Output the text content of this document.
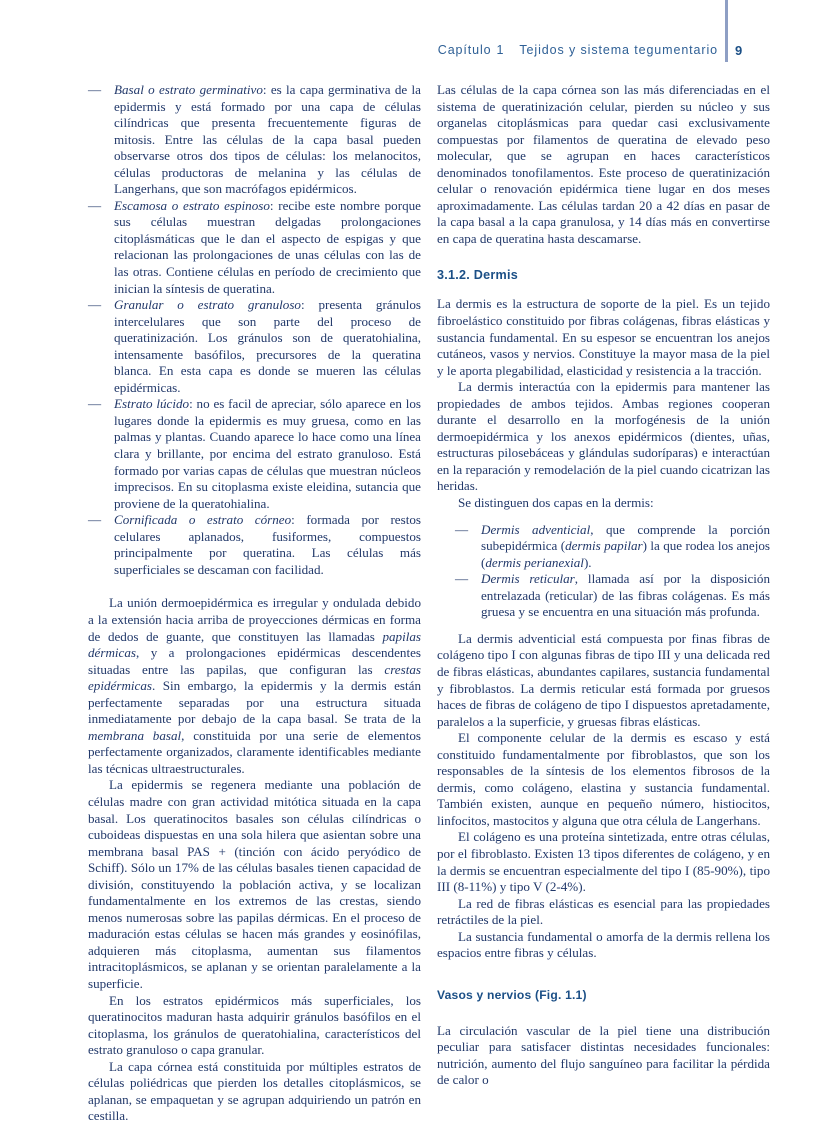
Capítulo 1 Tejidos y sistema tegumentario 9
— Basal o estrato germinativo: es la capa germinativa de la epidermis y está formado por una capa de células cilíndricas que presenta frecuentemente figuras de mitosis. Entre las células de la capa basal pueden observarse otros dos tipos de células: los melanocitos, células productoras de melanina y las células de Langerhans, que son macrófagos epidérmicos.
— Escamosa o estrato espinoso: recibe este nombre porque sus células muestran delgadas prolongaciones citoplásmáticas que le dan el aspecto de espigas y que relacionan las prolongaciones de unas células con las de las otras. Contiene células en período de crecimiento que inician la síntesis de queratina.
— Granular o estrato granuloso: presenta gránulos intercelulares que son parte del proceso de queratinización. Los gránulos son de queratohialina, intensamente basófilos, precursores de la queratina blanca. En esta capa es donde se mueren las células epidérmicas.
— Estrato lúcido: no es facil de apreciar, sólo aparece en los lugares donde la epidermis es muy gruesa, como en las palmas y plantas. Cuando aparece lo hace como una línea clara y brillante, por encima del estrato granuloso. Está formado por varias capas de células que muestran núcleos imprecisos. En su citoplasma existe eleidina, sutancia que proviene de la queratohialina.
— Cornificada o estrato córneo: formada por restos celulares aplanados, fusiformes, compuestos principalmente por queratina. Las células más superficiales se descaman con facilidad.

La unión dermoepidérmica es irregular y ondulada debido a la extensión hacia arriba de proyecciones dérmicas en forma de dedos de guante, que constituyen las llamadas papilas dérmicas, y a prolongaciones epidérmicas descendentes situadas entre las papilas, que configuran las crestas epidérmicas. Sin embargo, la epidermis y la dermis están perfectamente separadas por una estructura situada inmediatamente por debajo de la capa basal. Se trata de la membrana basal, constituida por una serie de elementos perfectamente organizados, claramente identificables mediante las técnicas ultraestructurales.

La epidermis se regenera mediante una población de células madre con gran actividad mitótica situada en la capa basal. Los queratinocitos basales son células cilíndricas o cuboideas dispuestas en una sola hilera que asientan sobre una membrana basal PAS + (tinción con ácido peryódico de Schiff). Sólo un 17% de las células basales tienen capacidad de división, constituyendo la población activa, y se localizan fundamentalmente en los extremos de las crestas, siendo menos numerosas sobre las papilas dérmicas. En el proceso de maduración estas células se hacen más grandes y eosinófilas, adquieren más citoplasma, aumentan sus filamentos intracitoplásmicos, se aplanan y se orientan paralelamente a la superficie.

En los estratos epidérmicos más superficiales, los queratinocitos maduran hasta adquirir gránulos basófilos en el citoplasma, los gránulos de queratohialina, característicos del estrato granuloso o capa granular.

La capa córnea está constituida por múltiples estratos de células poliédricas que pierden los detalles citoplásmicos, se aplanan, se empaquetan y se agrupan adquiriendo un patrón en cestilla.

Las células de la capa córnea son las más diferenciadas en el sistema de queratinización celular, pierden su núcleo y sus organelas citoplásmicas para quedar casi exclusivamente compuestas por filamentos de queratina de elevado peso molecular, que se agrupan en haces característicos denominados tonofilamentos. Este proceso de queratinización celular o renovación epidérmica tiene lugar en dos meses aproximadamente. Las células tardan 20 a 42 días en pasar de la capa basal a la capa granulosa, y 14 días más en convertirse en capa de queratina hasta descamarse.

3.1.2. Dermis

La dermis es la estructura de soporte de la piel. Es un tejido fibroelástico constituido por fibras colágenas, fibras elásticas y sustancia fundamental. En su espesor se encuentran los anejos cutáneos, vasos y nervios. Constituye la mayor masa de la piel y le aporta plegabilidad, elasticidad y resistencia a la tracción.

La dermis interactúa con la epidermis para mantener las propiedades de ambos tejidos. Ambas regiones cooperan durante el desarrollo en la morfogénesis de la unión dermoepidérmica y los anexos epidérmicos (dientes, uñas, estructuras pilosebáceas y glándulas sudoríparas) e interactúan en la reparación y remodelación de la piel cuando cicatrizan las heridas.

Se distinguen dos capas en la dermis:

— Dermis adventicial, que comprende la porción subepidérmica (dermis papilar) la que rodea los anejos (dermis perianexial).
— Dermis reticular, llamada así por la disposición entrelazada (reticular) de las fibras colágenas. Es más gruesa y se encuentra en una situación más profunda.

La dermis adventicial está compuesta por finas fibras de colágeno tipo I con algunas fibras de tipo III y una delicada red de fibras elásticas, abundantes capilares, sustancia fundamental y fibroblastos. La dermis reticular está formada por gruesos haces de fibras de colágeno de tipo I dispuestos apretadamente, paralelos a la superficie, y gruesas fibras elásticas.

El componente celular de la dermis es escaso y está constituido fundamentalmente por fibroblastos, que son los responsables de la síntesis de los elementos fibrosos de la dermis, como colágeno, elastina y sustancia fundamental. También existen, aunque en pequeño número, histiocitos, linfocitos, mastocitos y alguna que otra célula de Langerhans.

El colágeno es una proteína sintetizada, entre otras células, por el fibroblasto. Existen 13 tipos diferentes de colágeno, y en la dermis se encuentran especialmente del tipo I (85-90%), tipo III (8-11%) y tipo V (2-4%).

La red de fibras elásticas es esencial para las propiedades retráctiles de la piel.

La sustancia fundamental o amorfa de la dermis rellena los espacios entre fibras y células.

Vasos y nervios (Fig. 1.1)

La circulación vascular de la piel tiene una distribución peculiar para satisfacer distintas necesidades funcionales: nutrición, aumento del flujo sanguíneo para facilitar la pérdida de calor o
